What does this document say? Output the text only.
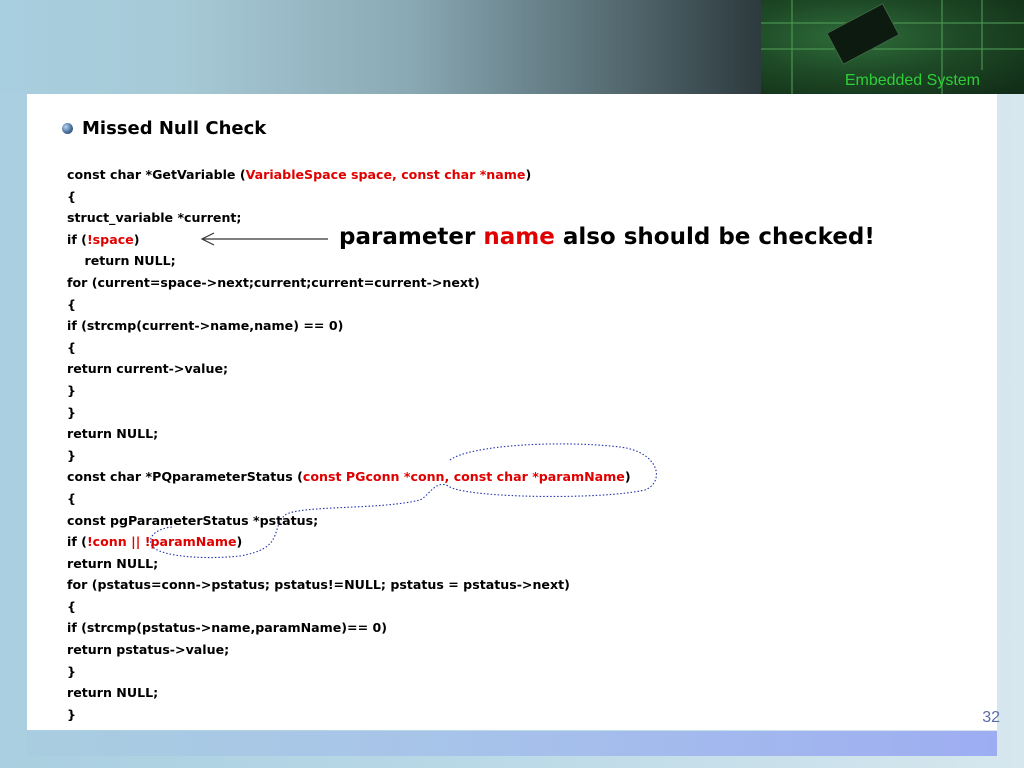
Embedded System
Missed Null Check
const char *GetVariable (VariableSpace space, const char *name)
{
struct_variable *current;
if (!space)
return NULL;
for (current=space->next;current;current=current->next)
{
if (strcmp(current->name,name) == 0)
{
return current->value;
}
}
return NULL;
}
const char *PQparameterStatus (const PGconn *conn, const char *paramName)
{
const pgParameterStatus *pstatus;
if (!conn || !paramName)
return NULL;
for (pstatus=conn->pstatus; pstatus!=NULL; pstatus = pstatus->next)
{
if (strcmp(pstatus->name,paramName)== 0)
return pstatus->value;
}
return NULL;
}
parameter name also should be checked!
32
